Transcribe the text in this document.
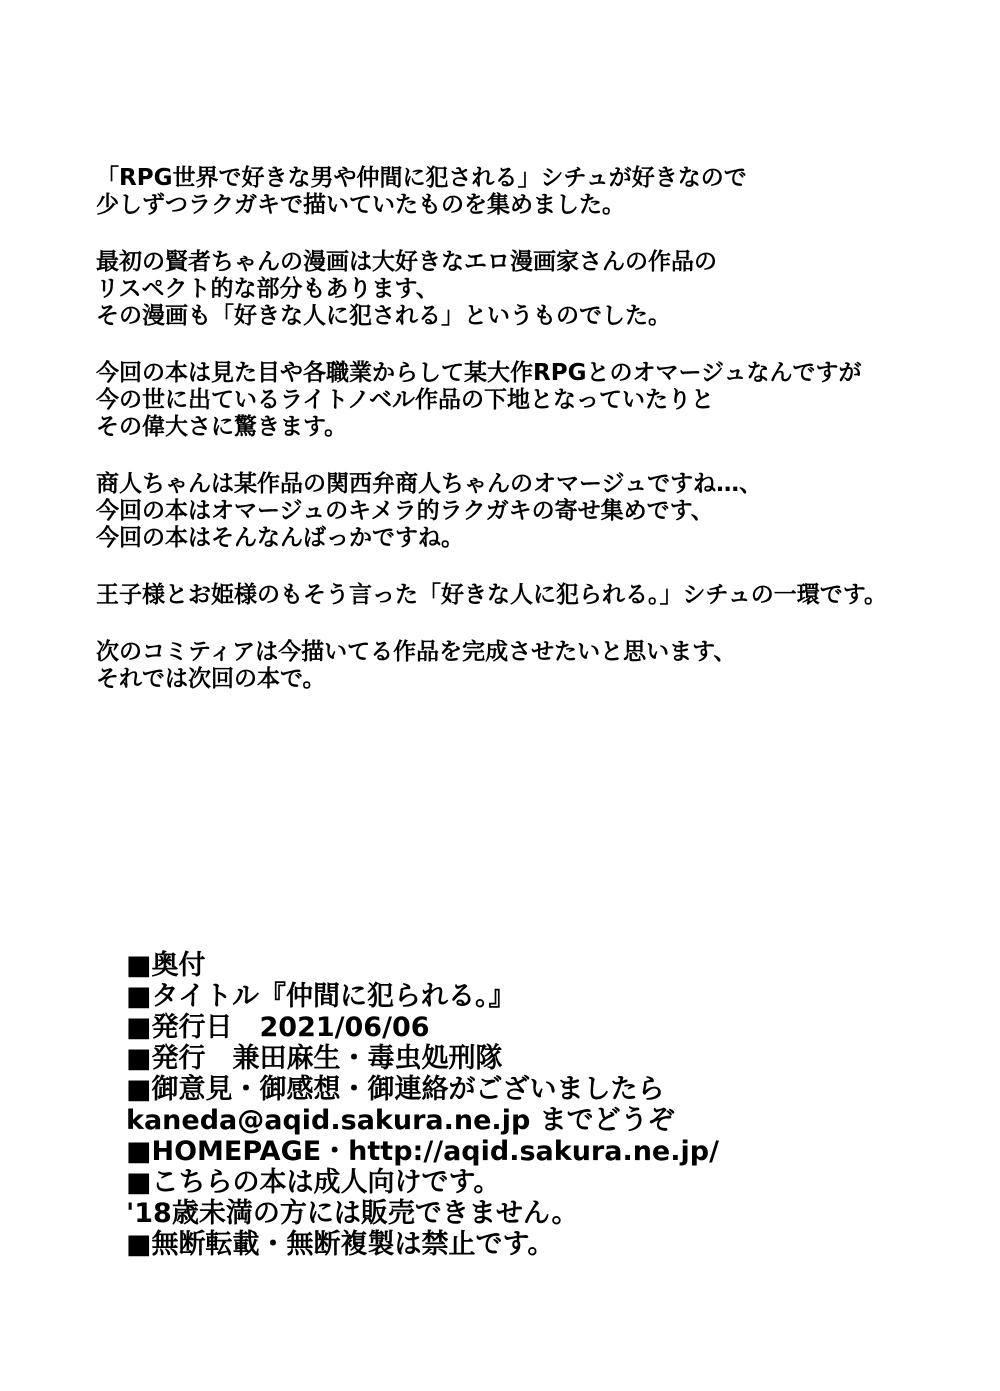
「RPG世界で好きな男や仲間に犯される」シチュが好きなので
少しずつラクガキで描いていたものを集めました。
最初の賢者ちゃんの漫画は大好きなエロ漫画家さんの作品の
リスペクト的な部分もあります、
その漫画も「好きな人に犯される」というものでした。
今回の本は見た目や各職業からして某大作RPGとのオマージュなんですが
今の世に出ているライトノベル作品の下地となっていたりと
その偉大さに驚きます。
商人ちゃんは某作品の関西弁商人ちゃんのオマージュですね…、
今回の本はオマージュのキメラ的ラクガキの寄せ集めです、
今回の本はそんなんばっかですね。
王子様とお姫様のもそう言った「好きな人に犯られる。」シチュの一環です。
次のコミティアは今描いてる作品を完成させたいと思います、
それでは次回の本で。
■奥付
■タイトル『仲間に犯られる。』
■発行日　2021/06/06
■発行　兼田麻生・毒虫処刑隊
■御意見・御感想・御連絡がございましたら
kaneda@aqid.sakura.ne.jp までどうぞ
■HOMEPAGE・http://aqid.sakura.ne.jp/
■こちらの本は成人向けです。
'18歳未満の方には販売できません。
■無断転載・無断複製は禁止です。
